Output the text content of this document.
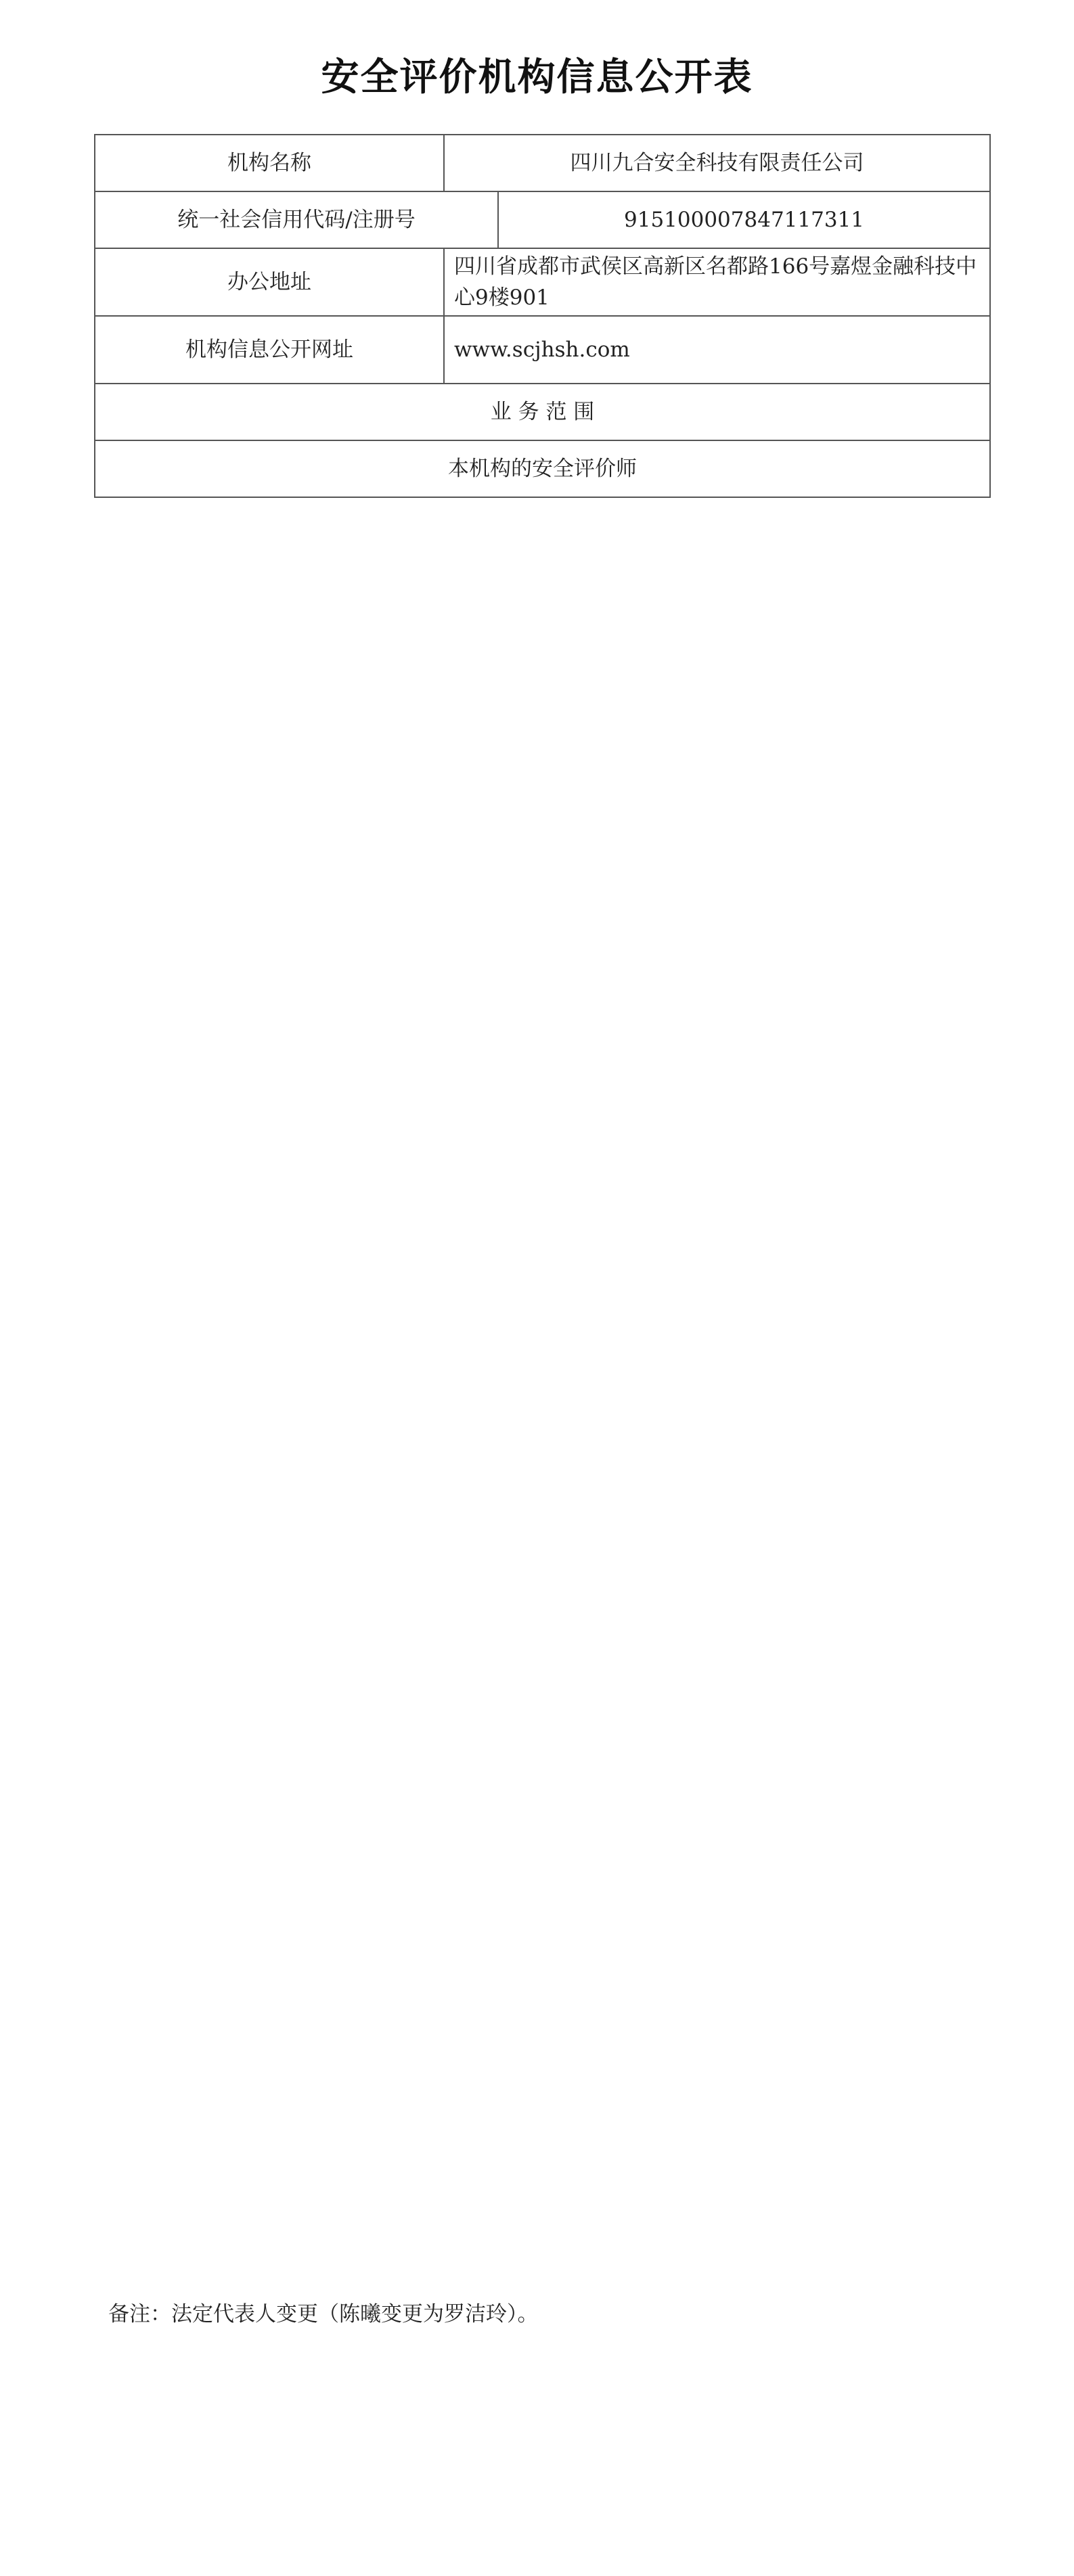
安全评价机构信息公开表
机构名称	四川九合安全科技有限责任公司	
统一社会信用代码/注册号		915100007847117311
办公地址	四川省成都市武侯区高新区名都路166号嘉煜金融科技中心9楼901	
机构信息公开网址	www.scjhsh.com	
业 务 范 围		
本机构的安全评价师		
备注：法定代表人变更（陈曦变更为罗洁玲）。
